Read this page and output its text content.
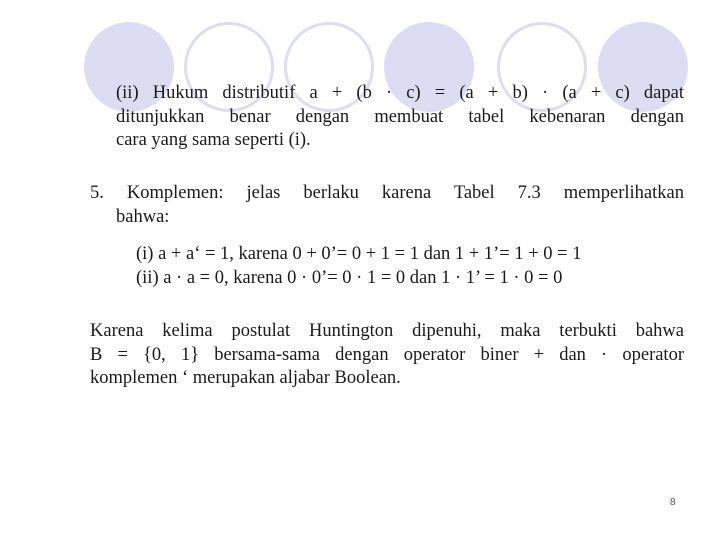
(ii) Hukum distributif a + (b · c) = (a + b) · (a + c) dapat
ditunjukkan benar dengan membuat tabel kebenaran dengan
cara yang sama seperti (i).
5. Komplemen: jelas berlaku karena Tabel 7.3 memperlihatkan
bahwa:
(i) a + a‘ = 1, karena 0 + 0’= 0 + 1 = 1 dan 1 + 1’= 1 + 0 = 1
(ii) a · a = 0, karena 0 · 0’= 0 · 1 = 0 dan 1 · 1’ = 1 · 0 = 0
Karena kelima postulat Huntington dipenuhi, maka terbukti bahwa
B = {0, 1} bersama-sama dengan operator biner + dan · operator
komplemen ‘ merupakan aljabar Boolean.
8
